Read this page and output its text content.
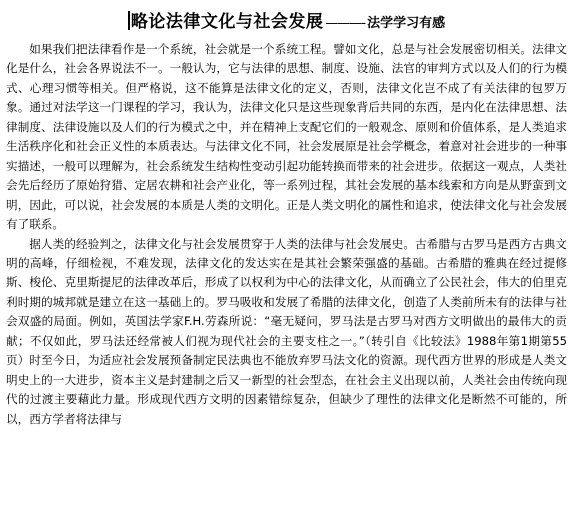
略论法律文化与社会发展 ———- 法学学习有感

如果我们把法律看作是一个系统，社会就是一个系统工程。譬如文化，总是与社会发展密切相关。法律文化是什么，社会各界说法不一。一般认为，它与法律的思想、制度、设施、法官的审判方式以及人们的行为模式、心理习惯等相关。但严格说，这不能算是法律文化的定义，否则，法律文化岂不成了有关法律的包罗万象。通过对法学这一门课程的学习，我认为，法律文化只是这些现象背后共同的东西，是内化在法律思想、法律制度、法律设施以及人们的行为模式之中，并在精神上支配它们的一般观念、原则和价值体系，是人类追求生活秩序化和社会正义性的本质表达。与法律文化不同，社会发展原是社会学概念，着意对社会进步的一种事实描述，一般可以理解为，社会系统发生结构性变动引起功能转换而带来的社会进步。依据这一观点，人类社会先后经历了原始狩猎、定居农耕和社会产业化，等一系列过程，其社会发展的基本线索和方向是从野蛮到文明，因此，可以说，社会发展的本质是人类的文明化。正是人类文明化的属性和追求，使法律文化与社会发展有了联系。

据人类的经验判之，法律文化与社会发展贯穿于人类的法律与社会发展史。古希腊与古罗马是西方古典文明的高峰，仔细检视，不难发现，法律文化的发达实在是其社会繁荣强盛的基础。古希腊的雅典在经过提修斯、梭伦、克里斯提尼的法律改革后，形成了以权利为中心的法律文化，从而确立了公民社会，伟大的伯里克利时期的城邦就是建立在这一基础上的。罗马吸收和发展了希腊的法律文化，创造了人类前所未有的法律与社会双盛的局面。例如，英国法学家F.H.劳森所说：“毫无疑问，罗马法是古罗马对西方文明做出的最伟大的贡献；不仅如此，罗马法还经常被人们视为现代社会的主要支柱之一。”（转引自《比较法》1988年第1期第55页）时至今日，为适应社会发展预备制定民法典也不能放弃罗马法文化的资源。现代西方世界的形成是人类文明史上的一大进步，资本主义是封建制之后又一新型的社会型态，在社会主义出现以前，人类社会由传统向现代的过渡主要藉此力量。形成现代西方文明的因素错综复杂，但缺少了理性的法律文化是断然不可能的，所以，西方学者将法律与
